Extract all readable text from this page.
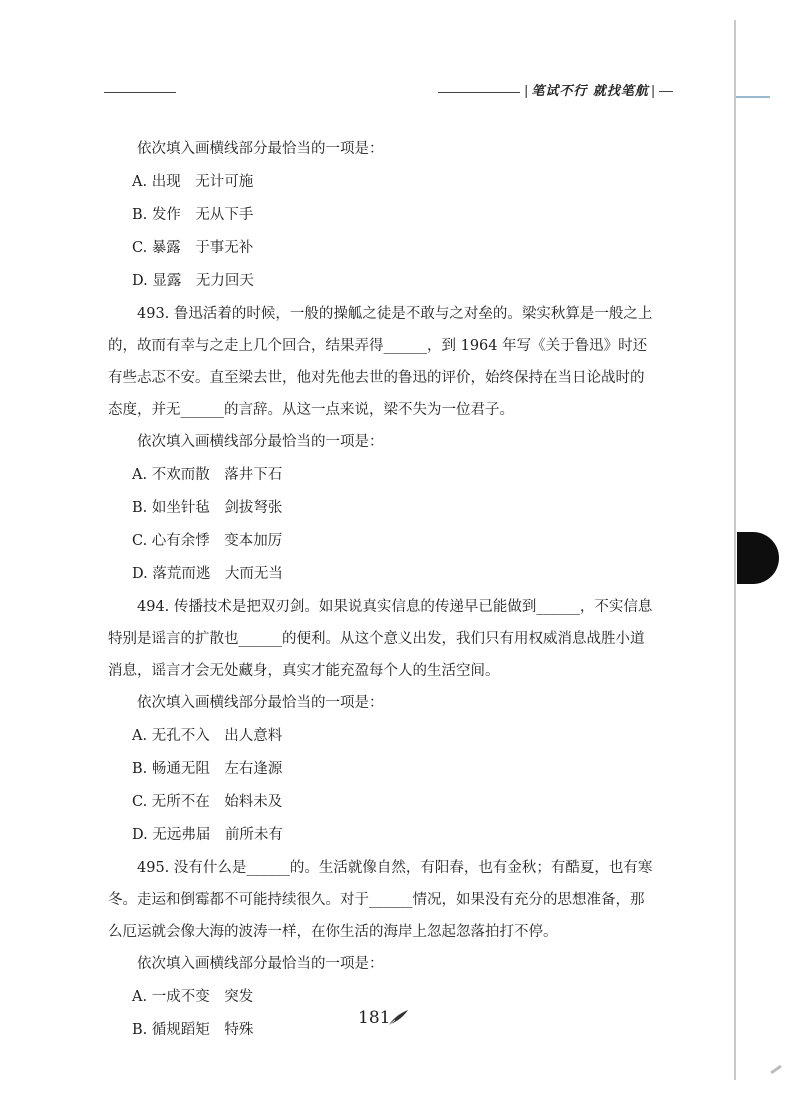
| 笔试不行 就找笔航 |
依次填入画横线部分最恰当的一项是：
A. 出现　无计可施
B. 发作　无从下手
C. 暴露　于事无补
D. 显露　无力回天
493. 鲁迅活着的时候，一般的操觚之徒是不敢与之对垒的。梁实秋算是一般之上
的，故而有幸与之走上几个回合，结果弄得______，到 1964 年写《关于鲁迅》时还
有些忐忑不安。直至梁去世，他对先他去世的鲁迅的评价，始终保持在当日论战时的
态度，并无______的言辞。从这一点来说，梁不失为一位君子。
依次填入画横线部分最恰当的一项是：
A. 不欢而散　落井下石
B. 如坐针毡　剑拔弩张
C. 心有余悸　变本加厉
D. 落荒而逃　大而无当
494. 传播技术是把双刃剑。如果说真实信息的传递早已能做到______，不实信息
特别是谣言的扩散也______的便利。从这个意义出发，我们只有用权威消息战胜小道
消息，谣言才会无处藏身，真实才能充盈每个人的生活空间。
依次填入画横线部分最恰当的一项是：
A. 无孔不入　出人意料
B. 畅通无阻　左右逢源
C. 无所不在　始料未及
D. 无远弗届　前所未有
495. 没有什么是______的。生活就像自然，有阳春，也有金秋；有酷夏，也有寒
冬。走运和倒霉都不可能持续很久。对于______情况，如果没有充分的思想准备，那
么厄运就会像大海的波涛一样，在你生活的海岸上忽起忽落拍打不停。
依次填入画横线部分最恰当的一项是：
A. 一成不变　突发
B. 循规蹈矩　特殊
181
